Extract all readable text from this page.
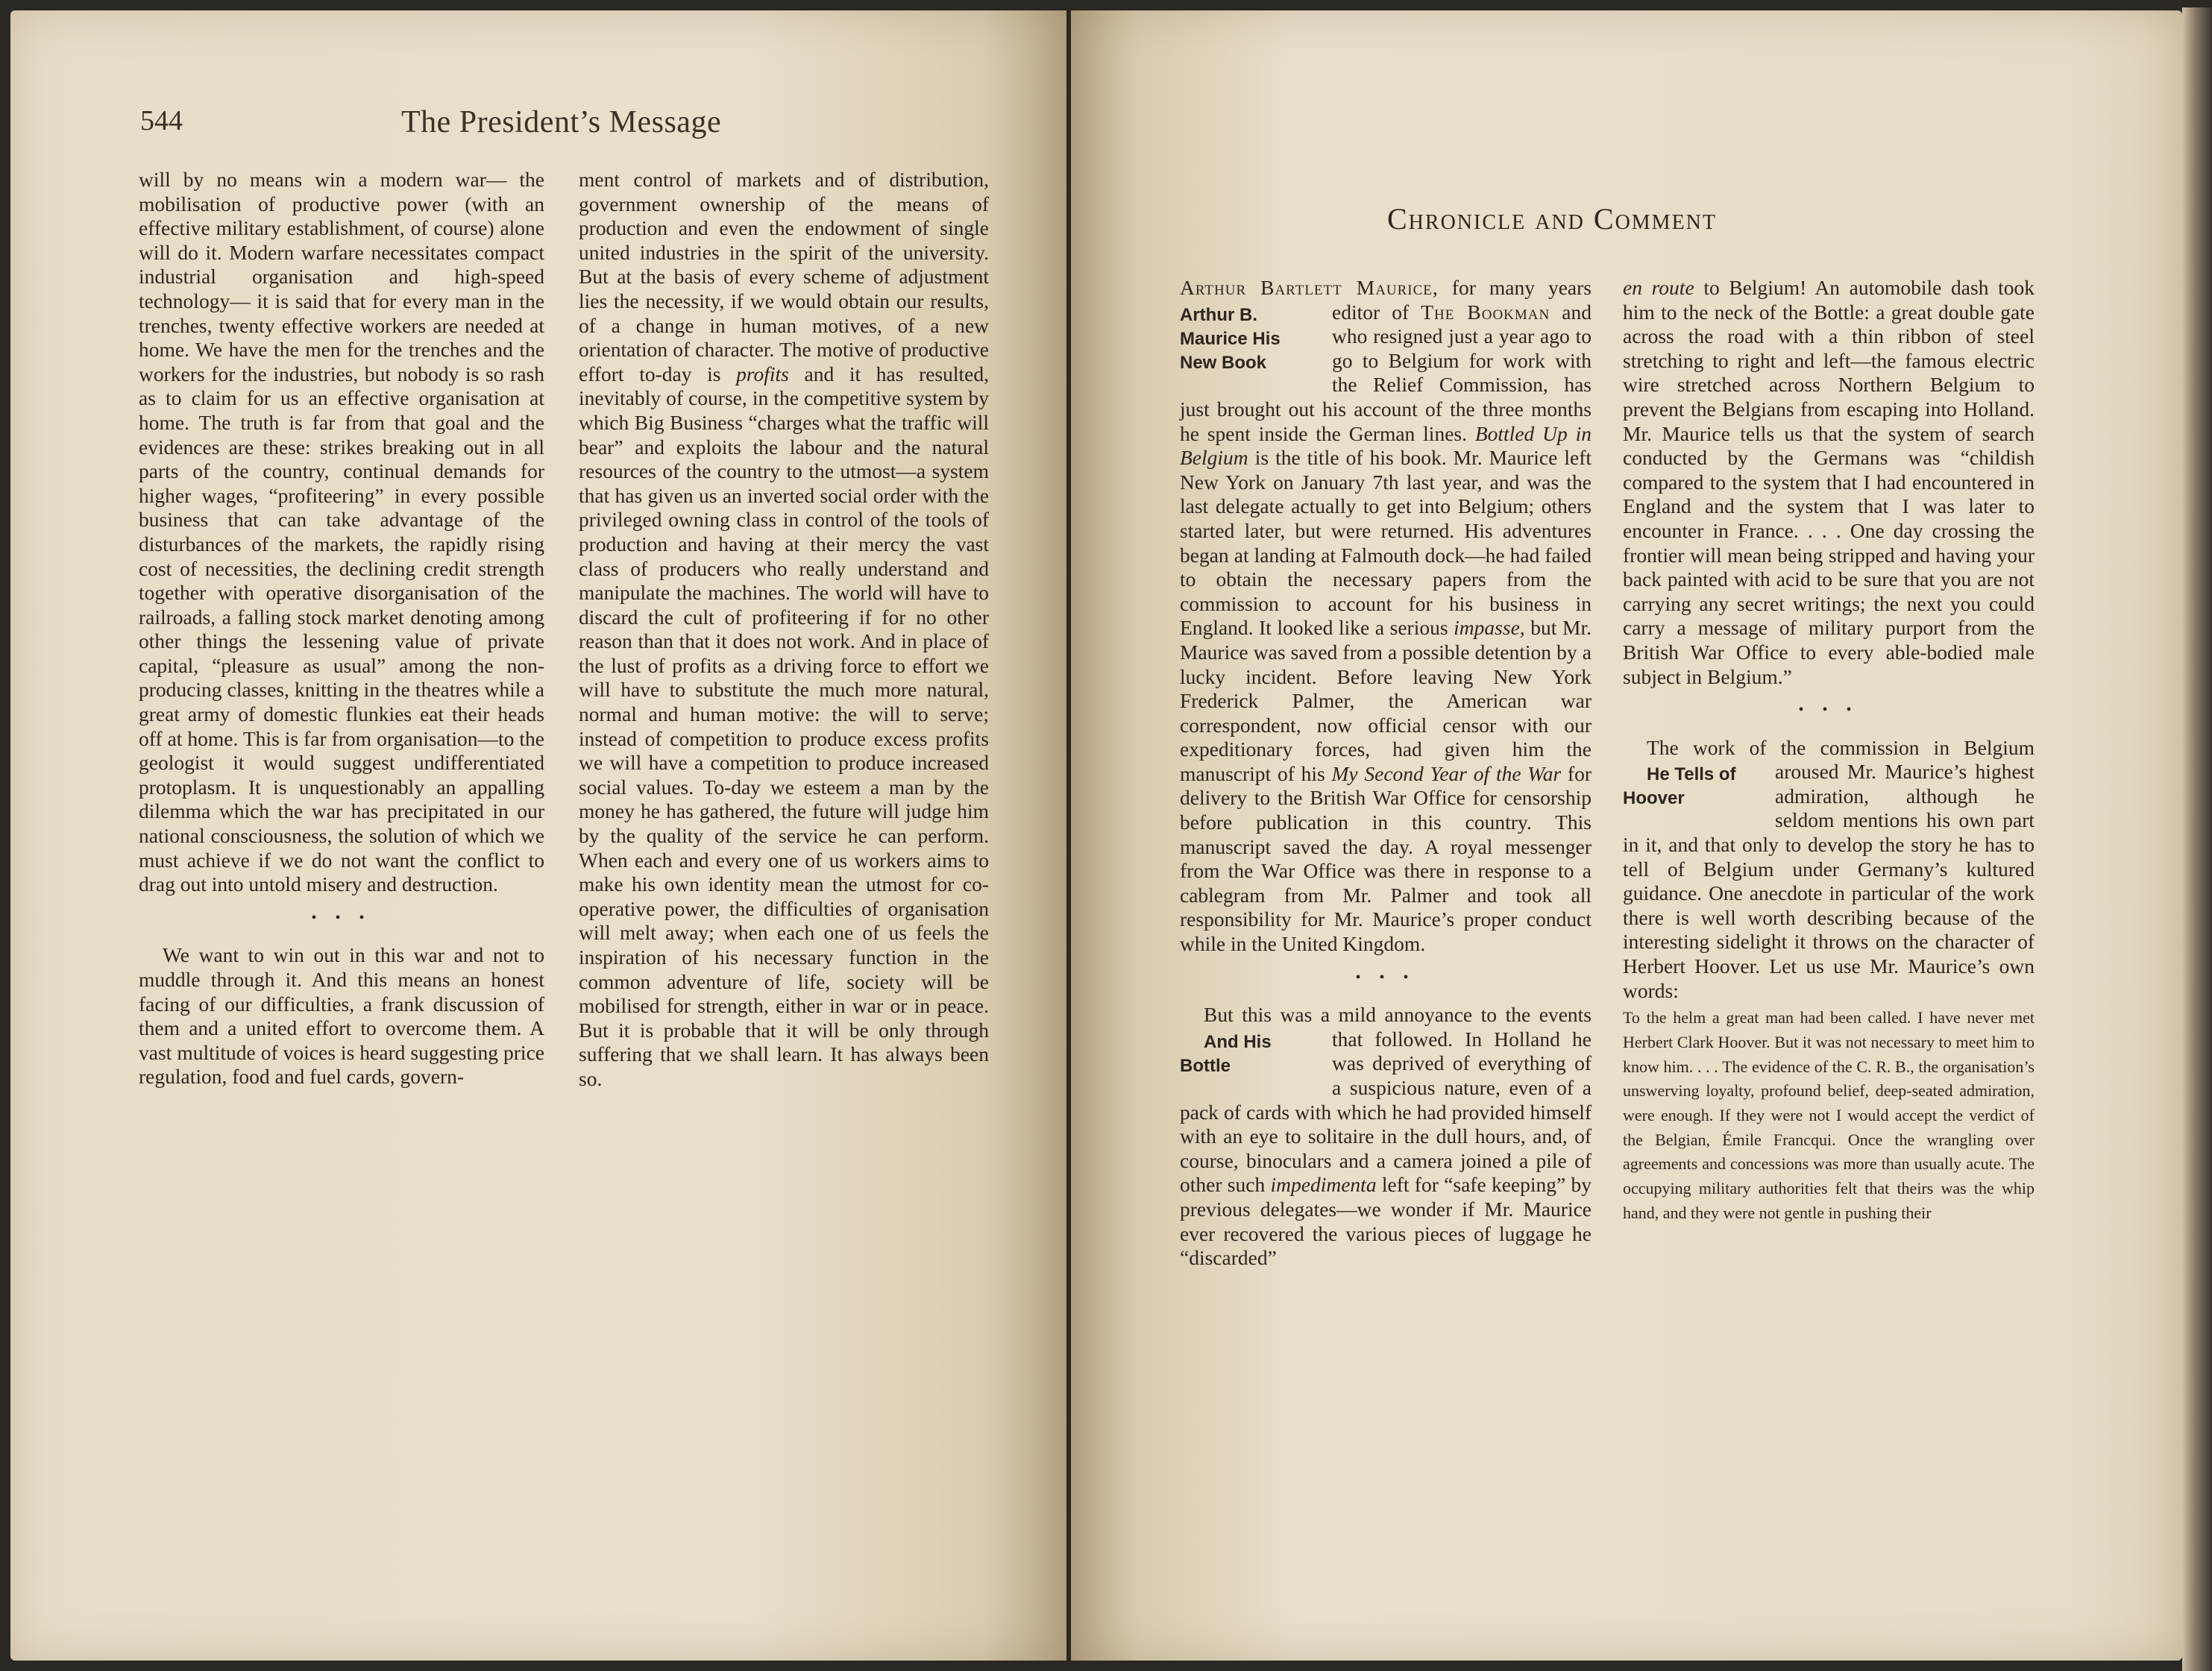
544	The President’s Message

will by no means win a modern war— the mobilisation of productive power (with an effective military establishment, of course) alone will do it. Modern warfare necessitates compact industrial organisation and high-speed technology— it is said that for every man in the trenches, twenty effective workers are needed at home. We have the men for the trenches and the workers for the industries, but nobody is so rash as to claim for us an effective organisation at home. The truth is far from that goal and the evidences are these: strikes breaking out in all parts of the country, continual demands for higher wages, “profiteering” in every possible business that can take advantage of the disturbances of the markets, the rapidly rising cost of necessities, the declining credit strength together with operative disorganisation of the railroads, a falling stock market denoting among other things the lessening value of private capital, “pleasure as usual” among the non-producing classes, knitting in the theatres while a great army of domestic flunkies eat their heads off at home. This is far from organisation—to the geologist it would suggest undifferentiated protoplasm. It is unquestionably an appalling dilemma which the war has precipitated in our national consciousness, the solution of which we must achieve if we do not want the conflict to drag out into untold misery and destruction.

• • •

We want to win out in this war and not to muddle through it. And this means an honest facing of our difficulties, a frank discussion of them and a united effort to overcome them. A vast multitude of voices is heard suggesting price regulation, food and fuel cards, govern-

ment control of markets and of distribution, government ownership of the means of production and even the endowment of single united industries in the spirit of the university. But at the basis of every scheme of adjustment lies the necessity, if we would obtain our results, of a change in human motives, of a new orientation of character. The motive of productive effort to-day is profits and it has resulted, inevitably of course, in the competitive system by which Big Business “charges what the traffic will bear” and exploits the labour and the natural resources of the country to the utmost—a system that has given us an inverted social order with the privileged owning class in control of the tools of production and having at their mercy the vast class of producers who really understand and manipulate the machines. The world will have to discard the cult of profiteering if for no other reason than that it does not work. And in place of the lust of profits as a driving force to effort we will have to substitute the much more natural, normal and human motive: the will to serve; instead of competition to produce excess profits we will have a competition to produce increased social values. To-day we esteem a man by the money he has gathered, the future will judge him by the quality of the service he can perform. When each and every one of us workers aims to make his own identity mean the utmost for co-operative power, the difficulties of organisation will melt away; when each one of us feels the inspiration of his necessary function in the common adventure of life, society will be mobilised for strength, either in war or in peace. But it is probable that it will be only through suffering that we shall learn. It has always been so.

Chronicle and Comment

Arthur Bartlett Maurice, for many years editor of The Bookman
Arthur B. Maurice His New Book
and who resigned just a year ago to go to Belgium for work with the Relief Commission, has just brought out his account of the three months he spent inside the German lines. Bottled Up in Belgium is the title of his book. Mr. Maurice left New York on January 7th last year, and was the last delegate actually to get into Belgium; others started later, but were returned. His adventures began at landing at Falmouth dock—he had failed to obtain the necessary papers from the commission to account for his business in England. It looked like a serious impasse, but Mr. Maurice was saved from a possible detention by a lucky incident. Before leaving New York Frederick Palmer, the American war correspondent, now official censor with our expeditionary forces, had given him the manuscript of his My Second Year of the War for delivery to the British War Office for censorship before publication in this country. This manuscript saved the day. A royal messenger from the War Office was there in response to a cablegram from Mr. Palmer and took all responsibility for Mr. Maurice’s proper conduct while in the United Kingdom.

• • •

But this was a mild annoyance to the events that followed. In Holland he
And His Bottle	was deprived of everything of a suspicious nature, even of a pack of cards with which he had provided himself with an eye to solitaire in the dull hours, and, of course, binoculars and a camera joined a pile of other such impedimenta left for “safe keeping” by previous delegates—we wonder if Mr. Maurice ever recovered the various pieces of luggage he “discarded”

en route to Belgium! An automobile dash took him to the neck of the Bottle: a great double gate across the road with a thin ribbon of steel stretching to right and left—the famous electric wire stretched across Northern Belgium to prevent the Belgians from escaping into Holland. Mr. Maurice tells us that the system of search conducted by the Germans was “childish compared to the system that I had encountered in England and the system that I was later to encounter in France. . . . One day crossing the frontier will mean being stripped and having your back painted with acid to be sure that you are not carrying any secret writings; the next you could carry a message of military purport from the British War Office to every able-bodied male subject in Belgium.”

• • •

The work of the commission in Belgium aroused Mr. Maurice’s highest
He Tells of Hoover	admiration, although he seldom mentions his own part in it, and that only to develop the story he has to tell of Belgium under Germany’s kultured guidance. One anecdote in particular of the work there is well worth describing because of the interesting sidelight it throws on the character of Herbert Hoover. Let us use Mr. Maurice’s own words:

To the helm a great man had been called. I have never met Herbert Clark Hoover. But it was not necessary to meet him to know him. . . . The evidence of the C. R. B., the organisation’s unswerving loyalty, profound belief, deep-seated admiration, were enough. If they were not I would accept the verdict of the Belgian, Émile Francqui. Once the wrangling over agreements and concessions was more than usually acute. The occupying military authorities felt that theirs was the whip hand, and they were not gentle in pushing their
